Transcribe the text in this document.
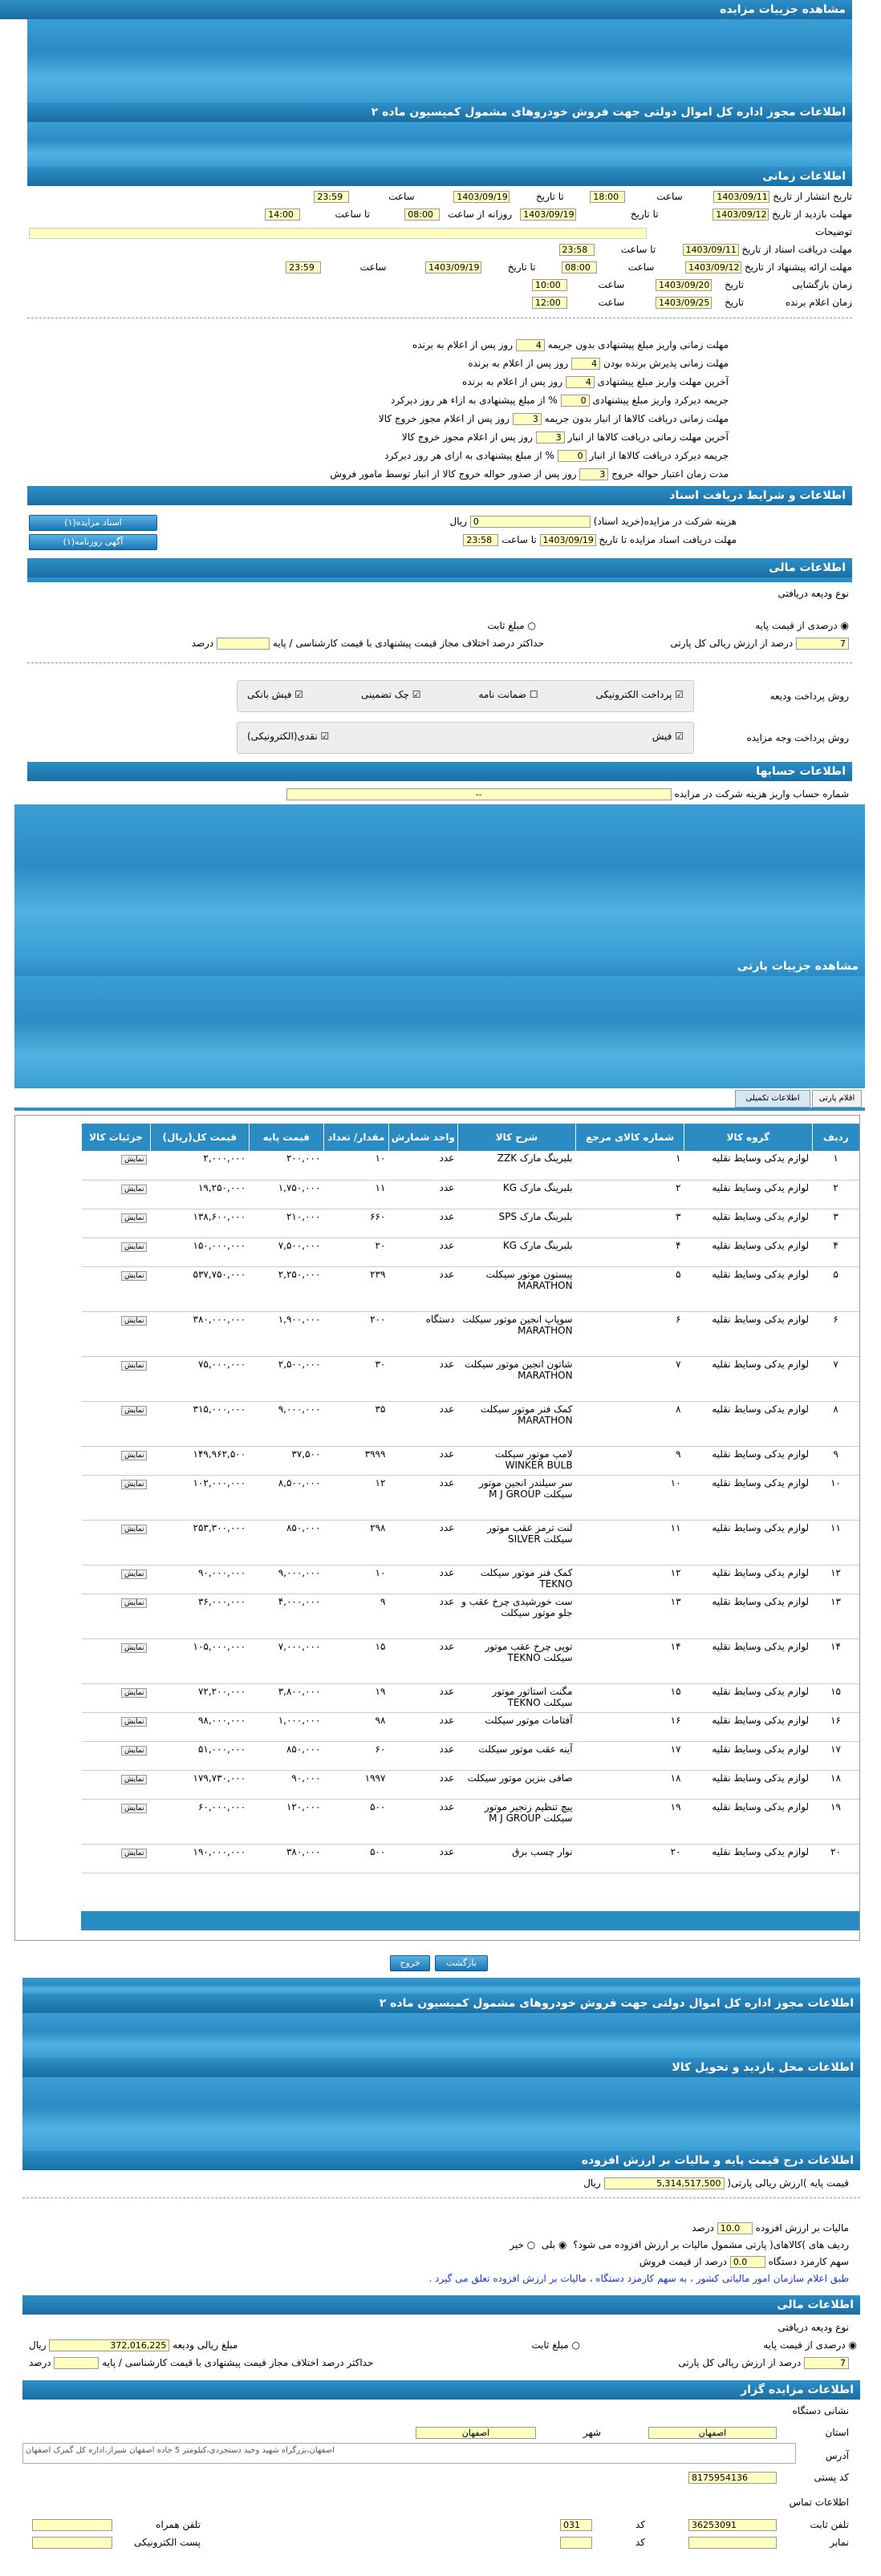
مشاهده جزییات مزایده
اطلاعات مجوز اداره کل اموال دولتی جهت فروش خودروهای مشمول کمیسیون ماده ۲
اطلاعات زمانی
تاریخ انتشار از تاریخ

1403/09/11
ساعت
18:00
تا تاریخ
1403/09/19
ساعت
23:59
مهلت بازدید از تاریخ

1403/09/12
تا تاریخ
1403/09/19
روزانه از ساعت
08:00
تا ساعت
14:00
توضیحات
مهلت دریافت اسناد از تاریخ

1403/09/11
تا ساعت
23:58
مهلت ارائه پیشنهاد از تاریخ

1403/09/12
ساعت
08:00
تا تاریخ
1403/09/19
ساعت
23:59
زمان بازگشایی
تاریخ
1403/09/20
ساعت
10:00
زمان اعلام برنده
تاریخ
1403/09/25
ساعت
12:00
مهلت زمانی واریز مبلغ پیشنهادی بدون جریمه

4

روز پس از اعلام به برنده
مهلت زمانی پذیرش برنده بودن

4

روز پس از اعلام به برنده
آخرین مهلت واریز مبلغ پیشنهادی

4

روز پس از اعلام به برنده
جریمه دیرکرد واریز مبلغ پیشنهادی

0

% از مبلغ پیشنهادی به ازاء هر روز دیرکرد
مهلت زمانی دریافت کالاها از انبار بدون جریمه

3

روز پس از اعلام مجوز خروج کالا
آخرین مهلت زمانی دریافت کالاها از انبار

3

روز پس از اعلام مجوز خروج کالا
جریمه دیرکرد دریافت کالاها از انبار

0

% از مبلغ پیشنهادی به ازای هر روز دیرکرد
مدت زمان اعتبار حواله خروج

3

روز پس از صدور حواله خروج کالا از انبار توسط مامور فروش
اطلاعات و شرایط دریافت اسناد
هزینه شرکت در مزایده(خرید اسناد)

0

ریال
مهلت دریافت اسناد مزایده تا تاریخ

1403/09/19

تا ساعت

23:58
اسناد مزایده(۱)
آگهی روزنامه(۱)
اطلاعات مالی
نوع ودیعه دریافتی
◉

درصدی از قیمت پایه
7

درصد از ارزش ریالی کل پارتی
○

مبلغ ثابت
حداکثر درصد اختلاف مجاز قیمت پیشنهادی با قیمت کارشناسی / پایه

درصد
روش پرداخت ودیعه
☑ پرداخت الکترونیکی
☐ ضمانت نامه
☑ چک تضمینی
☑ فیش بانکی
روش پرداخت وجه مزایده
☑ فیش
☑ نقدی(الکترونیکی)
اطلاعات حسابها
شماره حساب واریز هزینه شرکت در مزایده

--
مشاهده جزییات پارتی
اقلام پارتی
اطلاعات تکمیلی
ردیف	گروه کالا	شماره کالای مرجع	شرح کالا	واحد شمارش	مقدار/ تعداد	قیمت پایه	قیمت کل(ریال)	جزئیات کالا
۱	لوازم یدکی وسایط نقلیه	۱	بلبرینگ مارک ZZK	عدد	۱۰	۲۰۰,۰۰۰	۲,۰۰۰,۰۰۰	نمایش
۲	لوازم یدکی وسایط نقلیه	۲	بلبرینگ مارک KG	عدد	۱۱	۱,۷۵۰,۰۰۰	۱۹,۲۵۰,۰۰۰	نمایش
۳	لوازم یدکی وسایط نقلیه	۳	بلبرینگ مارک SPS	عدد	۶۶۰	۲۱۰,۰۰۰	۱۳۸,۶۰۰,۰۰۰	نمایش
۴	لوازم یدکی وسایط نقلیه	۴	بلبرینگ مارک KG	عدد	۲۰	۷,۵۰۰,۰۰۰	۱۵۰,۰۰۰,۰۰۰	نمایش
۵	لوازم یدکی وسایط نقلیه	۵	پیستون موتور سیکلت MARATHON	عدد	۲۳۹	۲,۲۵۰,۰۰۰	۵۳۷,۷۵۰,۰۰۰	نمایش
۶	لوازم یدکی وسایط نقلیه	۶	سوپاپ انجین موتور سیکلت MARATHON	دستگاه	۲۰۰	۱,۹۰۰,۰۰۰	۳۸۰,۰۰۰,۰۰۰	نمایش
۷	لوازم یدکی وسایط نقلیه	۷	شاتون انجین موتور سیکلت MARATHON	عدد	۳۰	۲,۵۰۰,۰۰۰	۷۵,۰۰۰,۰۰۰	نمایش
۸	لوازم یدکی وسایط نقلیه	۸	کمک فنر موتور سیکلت MARATHON	عدد	۳۵	۹,۰۰۰,۰۰۰	۳۱۵,۰۰۰,۰۰۰	نمایش
۹	لوازم یدکی وسایط نقلیه	۹	لامپ موتور سیکلت WINKER BULB	عدد	۳۹۹۹	۳۷,۵۰۰	۱۴۹,۹۶۲,۵۰۰	نمایش
۱۰	لوازم یدکی وسایط نقلیه	۱۰	سر سیلندر انجین موتور سیکلت M J GROUP	عدد	۱۲	۸,۵۰۰,۰۰۰	۱۰۲,۰۰۰,۰۰۰	نمایش
۱۱	لوازم یدکی وسایط نقلیه	۱۱	لنت ترمز عقب موتور سیکلت SILVER	عدد	۲۹۸	۸۵۰,۰۰۰	۲۵۳,۳۰۰,۰۰۰	نمایش
۱۲	لوازم یدکی وسایط نقلیه	۱۲	کمک فنر موتور سیکلت TEKNO	عدد	۱۰	۹,۰۰۰,۰۰۰	۹۰,۰۰۰,۰۰۰	نمایش
۱۳	لوازم یدکی وسایط نقلیه	۱۳	ست خورشیدی چرخ عقب و جلو موتور سیکلت	عدد	۹	۴,۰۰۰,۰۰۰	۳۶,۰۰۰,۰۰۰	نمایش
۱۴	لوازم یدکی وسایط نقلیه	۱۴	توپی چرخ عقب موتور سیکلت TEKNO	عدد	۱۵	۷,۰۰۰,۰۰۰	۱۰۵,۰۰۰,۰۰۰	نمایش
۱۵	لوازم یدکی وسایط نقلیه	۱۵	مگنت استاتور موتور سیکلت TEKNO	عدد	۱۹	۳,۸۰۰,۰۰۰	۷۲,۲۰۰,۰۰۰	نمایش
۱۶	لوازم یدکی وسایط نقلیه	۱۶	آفتامات موتور سیکلت	عدد	۹۸	۱,۰۰۰,۰۰۰	۹۸,۰۰۰,۰۰۰	نمایش
۱۷	لوازم یدکی وسایط نقلیه	۱۷	آینه عقب موتور سیکلت	عدد	۶۰	۸۵۰,۰۰۰	۵۱,۰۰۰,۰۰۰	نمایش
۱۸	لوازم یدکی وسایط نقلیه	۱۸	صافی بنزین موتور سیکلت	عدد	۱۹۹۷	۹۰,۰۰۰	۱۷۹,۷۳۰,۰۰۰	نمایش
۱۹	لوازم یدکی وسایط نقلیه	۱۹	پیچ تنظیم زنجیر موتور سیکلت M J GROUP	عدد	۵۰۰	۱۲۰,۰۰۰	۶۰,۰۰۰,۰۰۰	نمایش
۲۰	لوازم یدکی وسایط نقلیه	۲۰	نوار چسب برق	عدد	۵۰۰	۳۸۰,۰۰۰	۱۹۰,۰۰۰,۰۰۰	نمایش
بازگشت
خروج
اطلاعات مجوز اداره کل اموال دولتی جهت فروش خودروهای مشمول کمیسیون ماده ۲
اطلاعات محل بازدید و تحویل کالا
اطلاعات درج قیمت پایه و مالیات بر ارزش افزوده
قیمت پایه )ارزش ریالی پارتی(

5,314,517,500

ریال
مالیات بر ارزش افزوده

10.0

درصد
ردیف های )کالاهای( پارتی مشمول مالیات بر ارزش افزوده می شود؟

◉

بلی

○

خیر
سهم کارمزد دستگاه

0.0

درصد از قیمت فروش
طبق اعلام سازمان امور مالیاتی کشور ، به سهم کارمزد دستگاه ، مالیات بر ارزش افزوده تعلق می گیرد .
اطلاعات مالی
نوع ودیعه دریافتی
◉

درصدی از قیمت پایه
7

درصد از ارزش ریالی کل پارتی
○

مبلغ ثابت
مبلغ ریالی ودیعه

372,016,225

ریال
حداکثر درصد اختلاف مجاز قیمت پیشنهادی با قیمت کارشناسی / پایه

درصد
اطلاعات مزایده گزار
نشانی دستگاه
استان
اصفهان
شهر
اصفهان
آدرس
اصفهان،بزرگراه شهید وحید دستجردی،کیلومتر 5 جاده اصفهان شیراز،اداره کل گمرک اصفهان
کد پستی
8175954136
اطلاعات تماس
تلفن ثابت
36253091
کد
031
تلفن همراه
نمابر
کد
پست الکترونیکی
